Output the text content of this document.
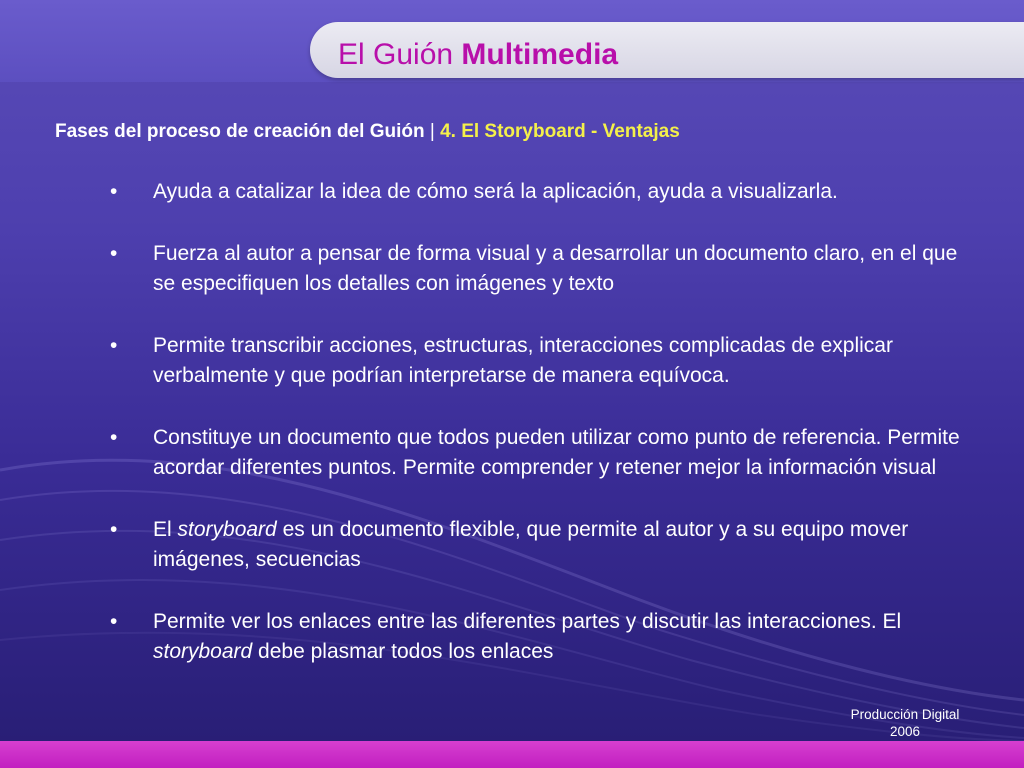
El Guión Multimedia

Fases del proceso de creación del Guión | 4. El Storyboard - Ventajas

• Ayuda a catalizar la idea de cómo será la aplicación, ayuda a visualizarla.
• Fuerza al autor a pensar de forma visual y a desarrollar un documento claro, en el que se especifiquen los detalles con imágenes y texto
• Permite transcribir acciones, estructuras, interacciones complicadas de explicar verbalmente y que podrían interpretarse de manera equívoca.
• Constituye un documento que todos pueden utilizar como punto de referencia. Permite acordar diferentes puntos. Permite comprender y retener mejor la información visual
• El storyboard es un documento flexible, que permite al autor y a su equipo mover imágenes, secuencias
• Permite ver los enlaces entre las diferentes partes y discutir las interacciones. El storyboard debe plasmar todos los enlaces
Producción Digital
2006
